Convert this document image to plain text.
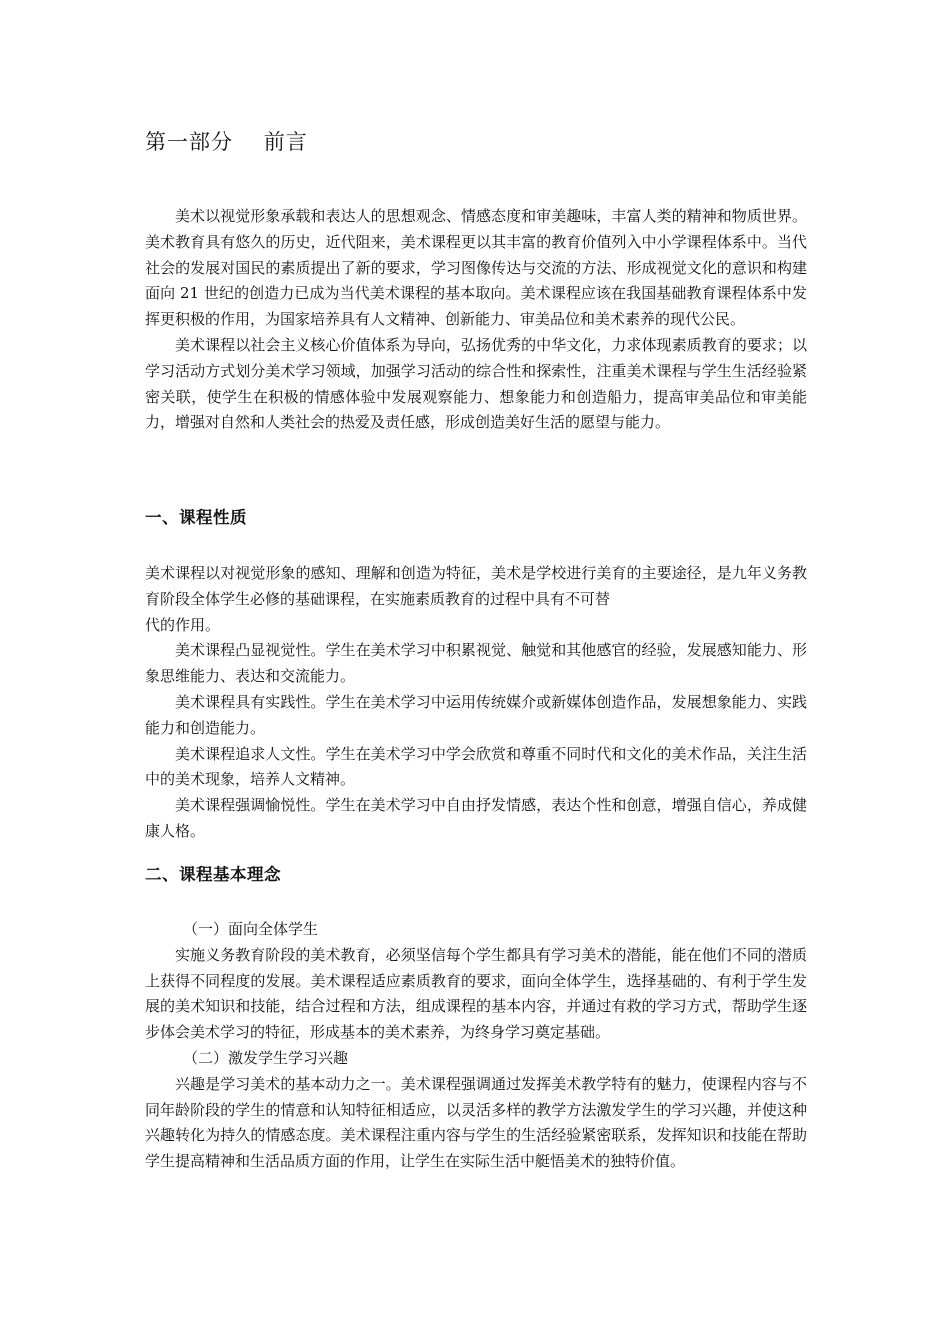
第一部分    前言

美术以视觉形象承载和表达人的思想观念、情感态度和审美趣味，丰富人类的精神和物质世界。美术教育具有悠久的历史，近代阻来，美术课程更以其丰富的教育价值列入中小学课程体系中。当代社会的发展对国民的素质提出了新的要求，学习图像传达与交流的方法、形成视觉文化的意识和构建面向 21 世纪的创造力已成为当代美术课程的基本取向。美术课程应该在我国基础教育课程体系中发挥更积极的作用，为国家培养具有人文精神、创新能力、审美品位和美术素养的现代公民。

美术课程以社会主义核心价值体系为导向，弘扬优秀的中华文化，力求体现素质教育的要求；以学习活动方式划分美术学习领域，加强学习活动的综合性和探索性，注重美术课程与学生生活经验紧密关联，使学生在积极的情感体验中发展观察能力、想象能力和创造船力，提高审美品位和审美能力，增强对自然和人类社会的热爱及责任感，形成创造美好生活的愿望与能力。

一、课程性质

美术课程以对视觉形象的感知、理解和创造为特征，美术是学校进行美育的主要途径，是九年义务教育阶段全体学生必修的基础课程，在实施素质教育的过程中具有不可替

代的作用。

美术课程凸显视觉性。学生在美术学习中积累视觉、触觉和其他感官的经验，发展感知能力、形象思维能力、表达和交流能力。

美术课程具有实践性。学生在美术学习中运用传统媒介或新媒体创造作品，发展想象能力、实践能力和创造能力。

美术课程追求人文性。学生在美术学习中学会欣赏和尊重不同时代和文化的美术作品，关注生活中的美术现象，培养人文精神。

美术课程强调愉悦性。学生在美术学习中自由抒发情感，表达个性和创意，增强自信心，养成健康人格。

二、课程基本理念

（一）面向全体学生

实施义务教育阶段的美术教育，必须坚信每个学生都具有学习美术的潜能，能在他们不同的潜质上获得不同程度的发展。美术课程适应素质教育的要求，面向全体学生，选择基础的、有利于学生发展的美术知识和技能，结合过程和方法，组成课程的基本内容，并通过有救的学习方式，帮助学生逐步体会美术学习的特征，形成基本的美术素养，为终身学习奠定基础。

（二）激发学生学习兴趣

兴趣是学习美术的基本动力之一。美术课程强调通过发挥美术教学特有的魅力，使课程内容与不同年龄阶段的学生的情意和认知特征相适应，以灵活多样的教学方法激发学生的学习兴趣，并使这种兴趣转化为持久的情感态度。美术课程注重内容与学生的生活经验紧密联系，发挥知识和技能在帮助学生提高精神和生活品质方面的作用，让学生在实际生活中艇悟美术的独特价值。
